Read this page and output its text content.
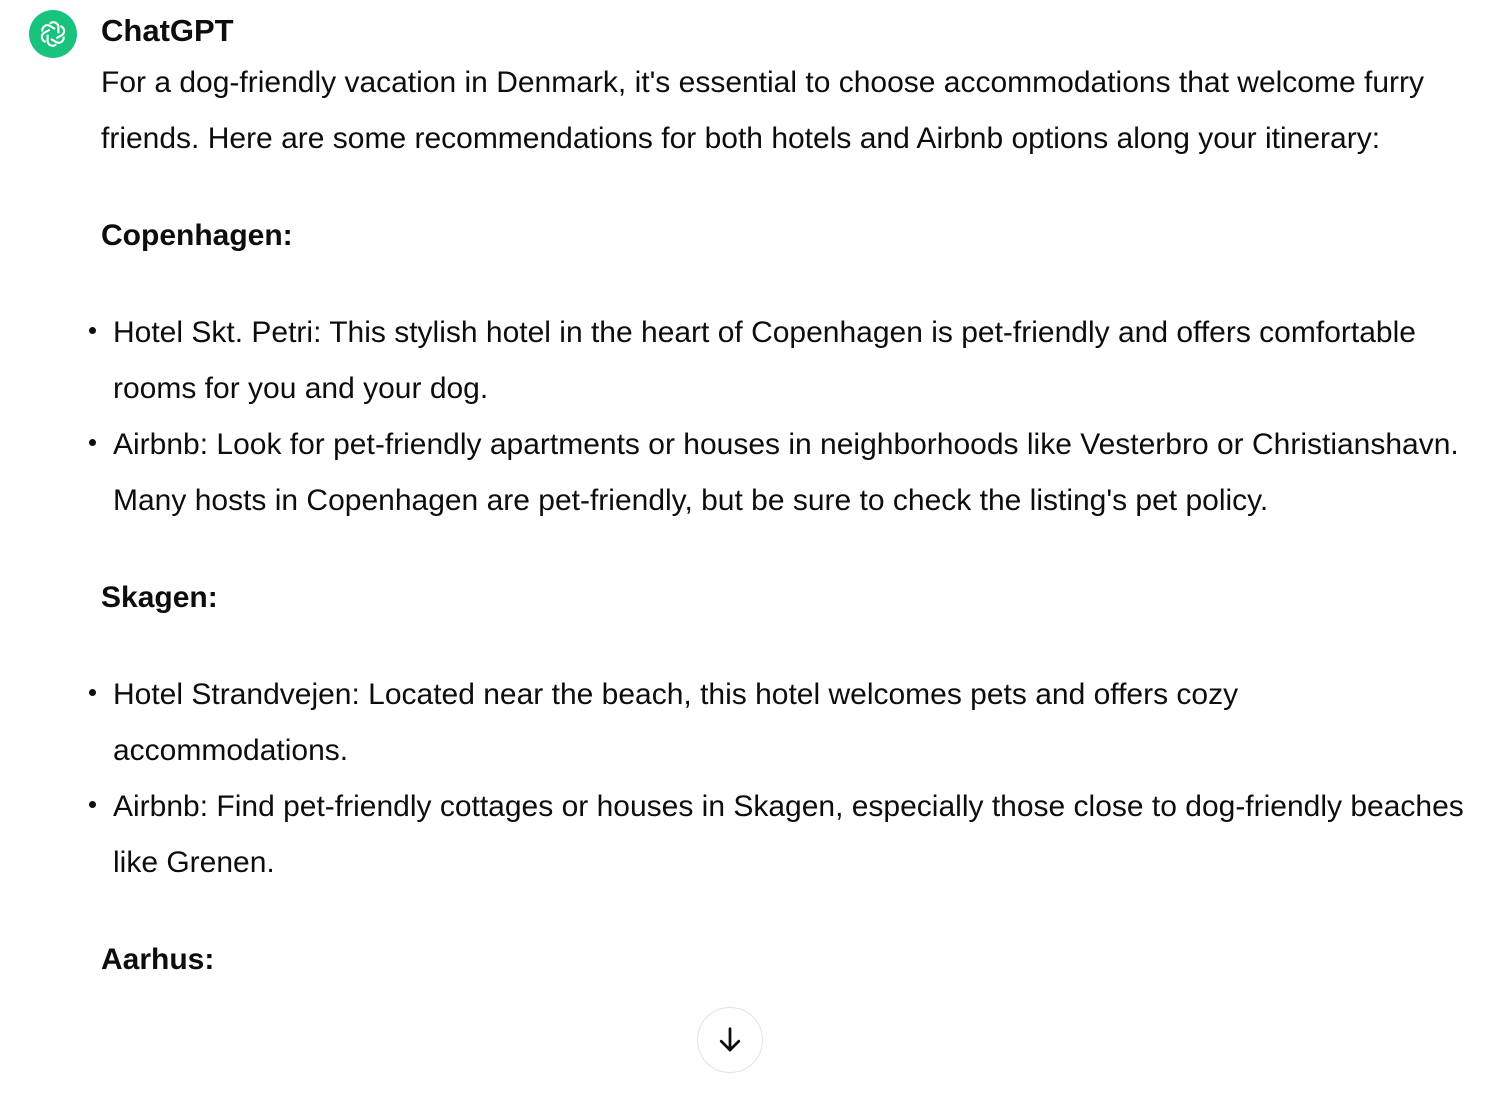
ChatGPT

For a dog-friendly vacation in Denmark, it's essential to choose accommodations that welcome furry friends. Here are some recommendations for both hotels and Airbnb options along your itinerary:

Copenhagen:
Hotel Skt. Petri: This stylish hotel in the heart of Copenhagen is pet-friendly and offers comfortable rooms for you and your dog.
Airbnb: Look for pet-friendly apartments or houses in neighborhoods like Vesterbro or Christianshavn. Many hosts in Copenhagen are pet-friendly, but be sure to check the listing's pet policy.
Skagen:
Hotel Strandvejen: Located near the beach, this hotel welcomes pets and offers cozy accommodations.
Airbnb: Find pet-friendly cottages or houses in Skagen, especially those close to dog-friendly beaches like Grenen.
Aarhus:
